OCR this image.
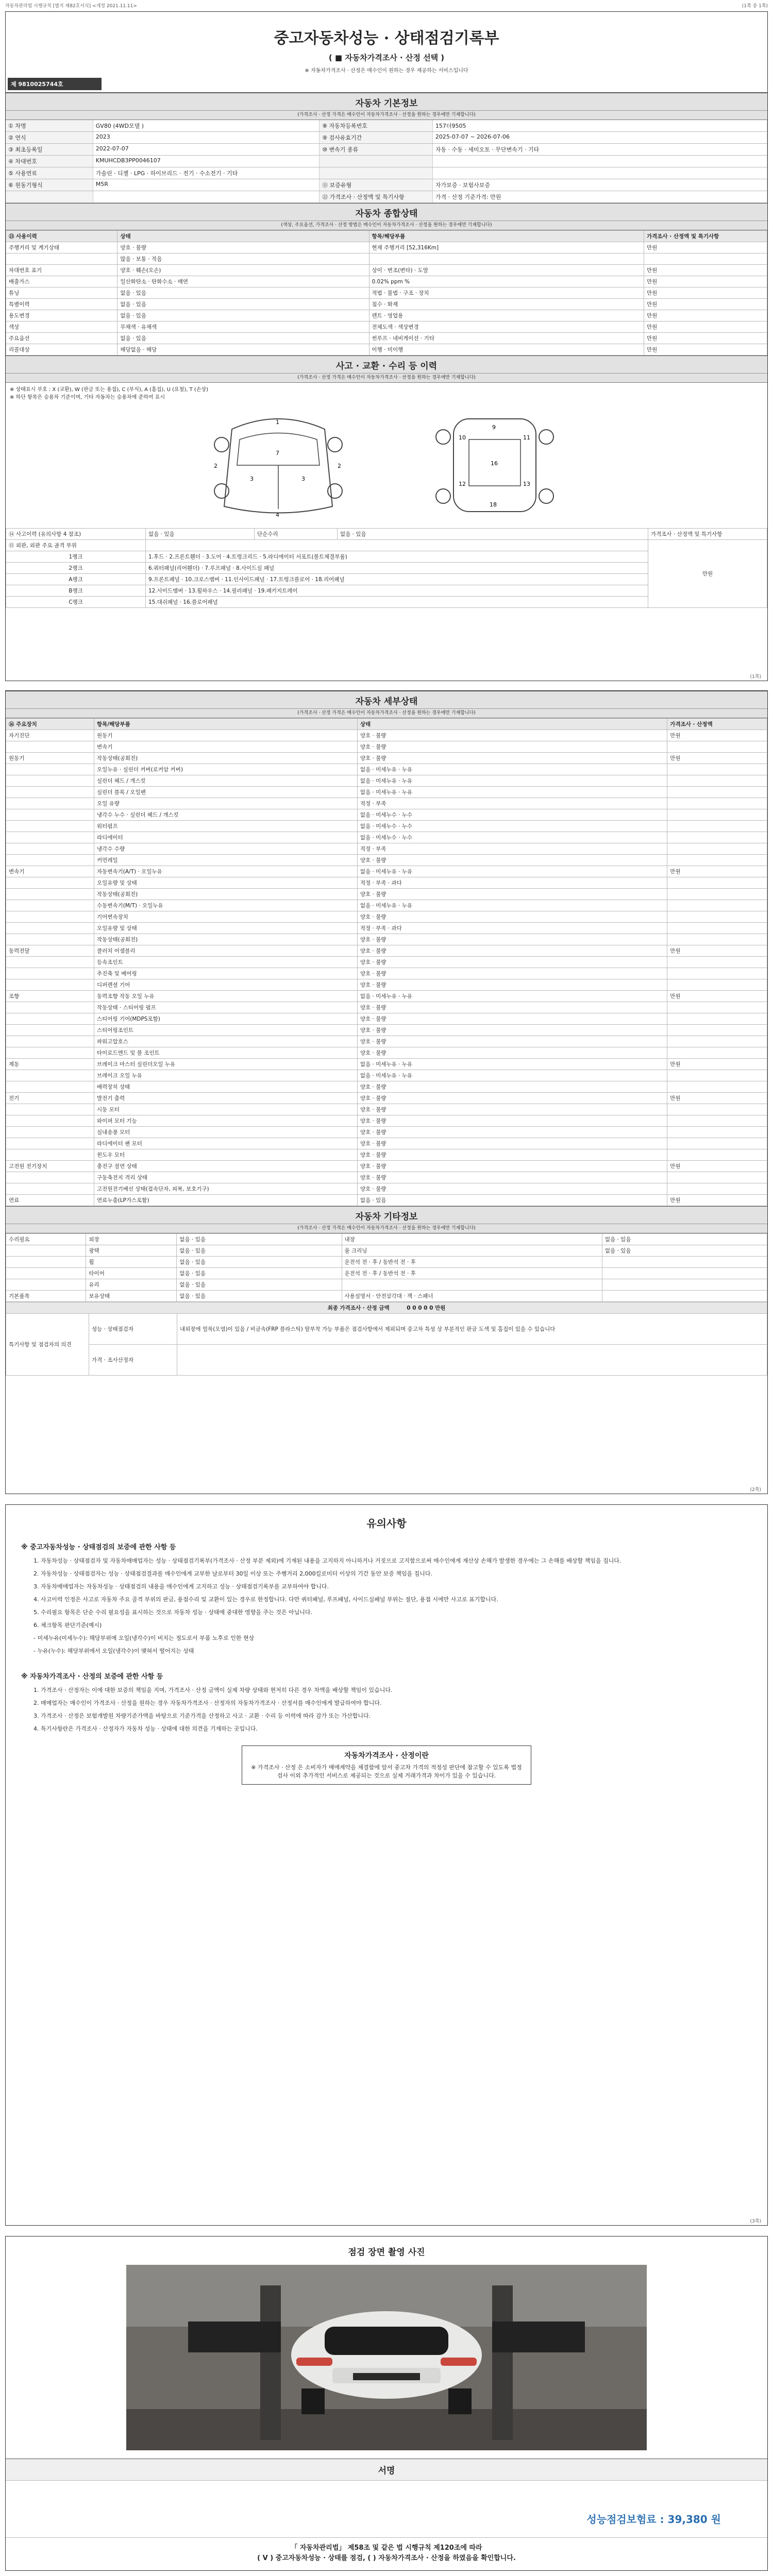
자동차관리법 시행규칙 [별지 제82호서식] <개정 2021.11.11>	(1쪽 중 1쪽)
중고자동차성능 · 상태점검기록부
( ■ 자동차가격조사 · 산정 선택 )
※ 자동차가격조사 · 산정은 매수인이 원하는 경우 제공하는 서비스입니다
제 9810025744호
자동차 기본정보
(가격조사 · 산정 가격은 매수인이 자동차가격조사 · 산정을 원하는 경우에만 기재합니다)
① 차명	GV80 (4WD모델 )	⑧ 자동차등록번호	157더9505
② 연식	2023	⑨ 검사유효기간	2025-07-07 ~ 2026-07-06
③ 최초등록일	2022-07-07	⑩ 변속기 종류	자동 · 수동 · 세미오토 · 무단변속기 · 기타
④ 차대번호	KMUHCDB3PP0046107
⑤ 사용연료	가솔린 · 디젤 · LPG · 하이브리드 · 전기 · 수소전기 · 기타
⑥ 원동기형식	M5R	⑪ 보증유형	자가보증 · 보험사보증
⑫ 가격조사 · 산정액 및 특기사항	가격 · 산정 기준가격: 만원
자동차 종합상태
(색상, 주요옵션, 가격조사 · 산정 방법은 매수인이 자동차가격조사 · 산정을 원하는 경우에만 기재합니다)
⑬ 사용이력	상태	항목/해당부품	가격조사 · 산정액 및 특기사항
주행거리 및 계기상태	양호 · 불량	현재 주행거리 [52,316Km]	만원
	많음 · 보통 · 적음		
차대번호 표기	양호 · 훼손(오손)	상이 · 변조(변타) · 도말	만원
배출가스	일산화탄소 · 탄화수소 · 매연	0.02% ppm %	만원
튜닝	없음 · 있음	적법 · 불법 · 구조 · 장치	만원
특별이력	없음 · 있음	침수 · 화재	만원
용도변경	없음 · 있음	렌트 · 영업용	만원
색상	무채색 · 유채색	전체도색 · 색상변경	만원
주요옵션	없음 · 있음	썬루프 · 네비게이션 · 기타	만원
리콜대상	해당없음 · 해당	이행 · 미이행	만원
사고 · 교환 · 수리 등 이력
(가격조사 · 산정 가격은 매수인이 자동차가격조사 · 산정을 원하는 경우에만 기재합니다)
※ 상태표시 부호 : X (교환), W (판금 또는 용접), C (부식), A (흠집), U (요철), T (손상)
※ 하단 항목은 승용차 기준이며, 기타 자동차는 승용차에 준하여 표시
1
3	3
7
2	2
4
9
10	11
16
12	13
18
⑭ 사고이력 (유의사항 4 참조)	없음 · 있음	단순수리	없음 · 있음	가격조사 · 산정액 및 특기사항
⑮ 외판, 외판 주요 골격 부위				만원
1랭크	1.후드 · 2.프론트휀더 · 3.도어 · 4.트렁크리드 · 5.라디에이터 서포트(볼트체결부품)			
2랭크	6.쿼터패널(리어휀더) · 7.루프패널 · 8.사이드실 패널			
A랭크	9.프론트패널 · 10.크로스멤버 · 11.인사이드패널 · 17.트렁크플로어 · 18.리어패널			
B랭크	12.사이드멤버 · 13.휠하우스 · 14.필러패널 · 19.패키지트레이			
C랭크	15.대쉬패널 · 16.플로어패널			
(1쪽)
자동차 세부상태
(가격조사 · 산정 가격은 매수인이 자동차가격조사 · 산정을 원하는 경우에만 기재합니다)
⑯ 주요장치	항목/해당부품	상태	가격조사 · 산정액
자기진단	원동기	양호 · 불량	만원
	변속기	양호 · 불량	
원동기	작동상태(공회전)	양호 · 불량	만원
	오일누유 · 실린더 커버(로커암 커버)	없음 · 미세누유 · 누유	
	실린더 헤드 / 개스킷	없음 · 미세누유 · 누유	
	실린더 블록 / 오일팬	없음 · 미세누유 · 누유	
	오일 유량	적정 · 부족	
	냉각수 누수 · 실린더 헤드 / 개스킷	없음 · 미세누수 · 누수	
	워터펌프	없음 · 미세누수 · 누수	
	라디에이터	없음 · 미세누수 · 누수	
	냉각수 수량	적정 · 부족	
	커먼레일	양호 · 불량	
변속기	자동변속기(A/T) · 오일누유	없음 · 미세누유 · 누유	만원
	오일유량 및 상태	적정 · 부족 · 과다	
	작동상태(공회전)	양호 · 불량	
	수동변속기(M/T) · 오일누유	없음 · 미세누유 · 누유	
	기어변속장치	양호 · 불량	
	오일유량 및 상태	적정 · 부족 · 과다	
	작동상태(공회전)	양호 · 불량	
동력전달	클러치 어셈블리	양호 · 불량	만원
	등속조인트	양호 · 불량	
	추진축 및 베어링	양호 · 불량	
	디퍼렌셜 기어	양호 · 불량	
조향	동력조향 작동 오일 누유	없음 · 미세누유 · 누유	만원
	작동상태 · 스티어링 펌프	양호 · 불량	
	스티어링 기어(MDPS포함)	양호 · 불량	
	스티어링조인트	양호 · 불량	
	파워고압호스	양호 · 불량	
	타이로드엔드 및 볼 조인트	양호 · 불량	
제동	브레이크 마스터 실린더오일 누유	없음 · 미세누유 · 누유	만원
	브레이크 오일 누유	없음 · 미세누유 · 누유	
	배력장치 상태	양호 · 불량	
전기	발전기 출력	양호 · 불량	만원
	시동 모터	양호 · 불량	
	와이퍼 모터 기능	양호 · 불량	
	실내송풍 모터	양호 · 불량	
	라디에이터 팬 모터	양호 · 불량	
	윈도우 모터	양호 · 불량	
고전원 전기장치	충전구 절연 상태	양호 · 불량	만원
	구동축전지 격리 상태	양호 · 불량	
	고전원전기배선 상태(접속단자, 피복, 보호기구)	양호 · 불량	
연료	연료누출(LP가스포함)	없음 · 있음	만원
자동차 기타정보
(가격조사 · 산정 가격은 매수인이 자동차가격조사 · 산정을 원하는 경우에만 기재합니다)
수리필요	외장	없음 · 있음	내장	없음 · 있음
	광택	없음 · 있음	룸 크리닝	없음 · 있음
	휠	없음 · 있음	운전석 전 · 후 / 동반석 전 · 후	
	타이어	없음 · 있음	운전석 전 · 후 / 동반석 전 · 후	
	유리	없음 · 있음		
기본품목	보유상태	없음 · 있음	사용설명서 · 안전삼각대 · 잭 · 스패너	
최종 가격조사 · 산정 금액 0 0 0 0 0 만원		
특기사항 및 점검자의 의견	성능 · 상태점검자	내외장에 얼룩(오염)이 있음 / 비금속(FRP 플라스틱) 탈부착 가능 부품은 점검사항에서 제외되며 중고차 특성 상 부분적인 판금 도색 및 흠집이 있을 수 있습니다
	가격 · 조사산정자	
(2쪽)
유의사항
※ 중고자동차성능 · 상태점검의 보증에 관한 사항 등

1. 자동차성능 · 상태점검자 및 자동차매매업자는 성능 · 상태점검기록부(가격조사 · 산정 부분 제외)에 기재된 내용을 고지하지 아니하거나 거짓으로 고지함으로써 매수인에게 재산상 손해가 발생한 경우에는 그 손해를 배상할 책임을 집니다.

2. 자동차성능 · 상태점검자는 성능 · 상태점검결과를 매수인에게 교부한 날로부터 30일 이상 또는 주행거리 2,000킬로미터 이상의 기간 동안 보증 책임을 집니다.

3. 자동차매매업자는 자동차성능 · 상태점검의 내용을 매수인에게 고지하고 성능 · 상태점검기록부를 교부하여야 합니다.

4. 사고이력 인정은 사고로 자동차 주요 골격 부위의 판금, 용접수리 및 교환이 있는 경우로 한정합니다. 다만 쿼터패널, 루프패널, 사이드실패널 부위는 절단, 용접 시에만 사고로 표기합니다.

5. 수리필요 항목은 단순 수리 필요성을 표시하는 것으로 자동차 성능 · 상태에 중대한 영향을 주는 것은 아닙니다.

6. 체크항목 판단기준(예시)

- 미세누유(미세누수): 해당부위에 오일(냉각수)이 비치는 정도로서 부품 노후로 인한 현상

- 누유(누수): 해당부위에서 오일(냉각수)이 맺혀서 떨어지는 상태

※ 자동차가격조사 · 산정의 보증에 관한 사항 등

1. 가격조사 · 산정자는 이에 대한 보증의 책임을 지며, 가격조사 · 산정 금액이 실제 차량 상태와 현저히 다른 경우 차액을 배상할 책임이 있습니다.

2. 매매업자는 매수인이 가격조사 · 산정을 원하는 경우 자동차가격조사 · 산정자의 자동차가격조사 · 산정서를 매수인에게 발급하여야 합니다.

3. 가격조사 · 산정은 보험개발원 차량기준가액을 바탕으로 기준가격을 산정하고 사고 · 교환 · 수리 등 이력에 따라 감가 또는 가산합니다.

4. 특기사항란은 가격조사 · 산정자가 자동차 성능 · 상태에 대한 의견을 기재하는 곳입니다.

자동차가격조사 · 산정이란
※ 가격조사 · 산정 은 소비자가 매매계약을 체결함에 앞서 중고차 가격의 적정성 판단에 참고할 수 있도록 법정검사 이외 추가적인 서비스로 제공되는 것으로 실제 거래가격과 차이가 있을 수 있습니다.
(3쪽)
점검 장면 촬영 사진
서명
성능점검보험료 : 39,380 원
「 자동차관리법」 제58조 및 같은 법 시행규칙 제120조에 따라
( V ) 중고자동차성능 · 상태를 점검, ( ) 자동차가격조사 · 산정을 하였음을 확인합니다.
